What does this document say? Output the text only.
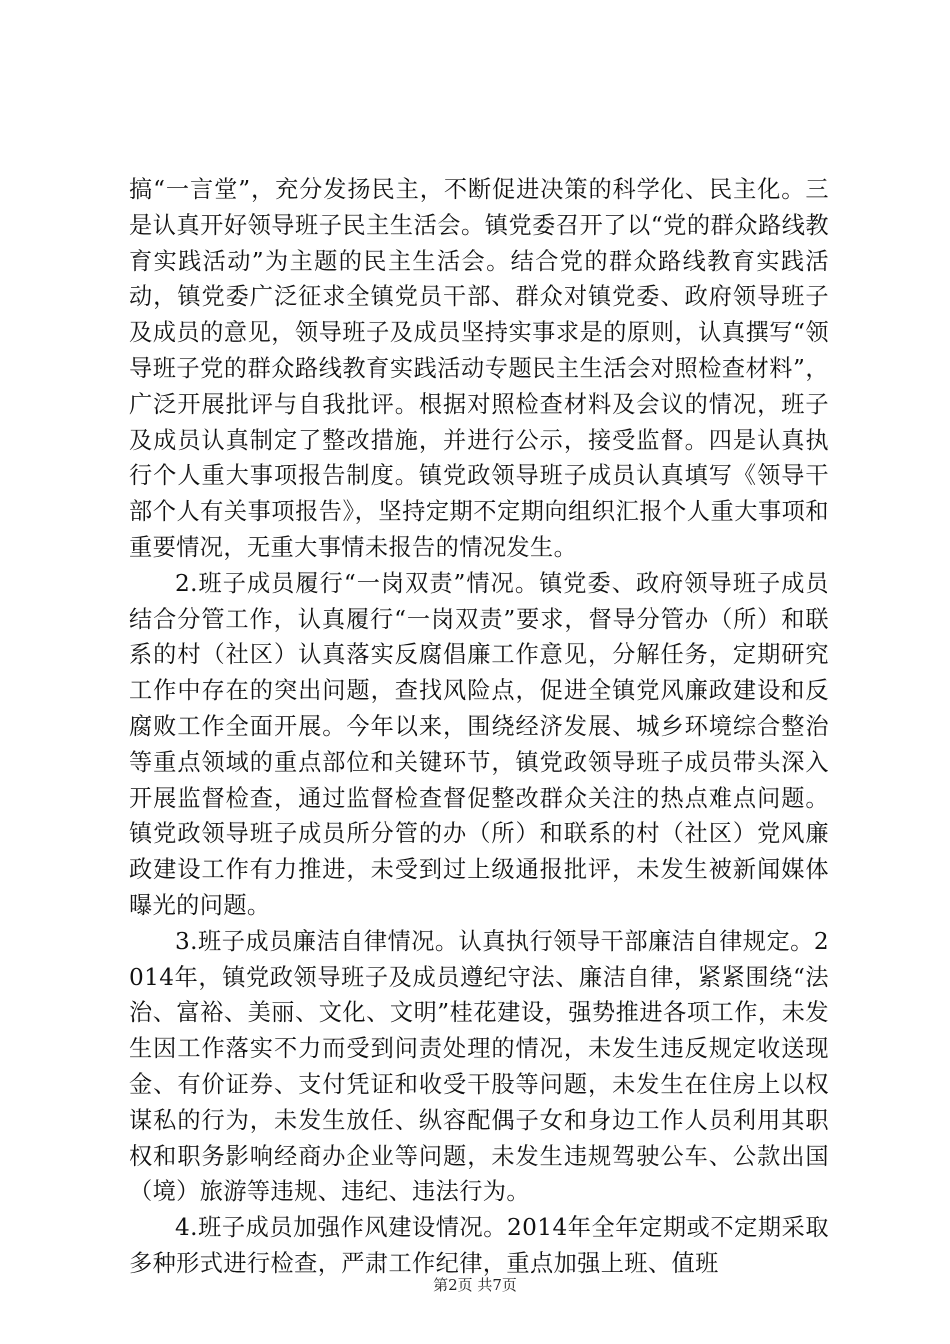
搞“一言堂”，充分发扬民主，不断促进决策的科学化、民主化。三是认真开好领导班子民主生活会。镇党委召开了以“党的群众路线教育实践活动”为主题的民主生活会。结合党的群众路线教育实践活动，镇党委广泛征求全镇党员干部、群众对镇党委、政府领导班子及成员的意见，领导班子及成员坚持实事求是的原则，认真撰写“领导班子党的群众路线教育实践活动专题民主生活会对照检查材料”，广泛开展批评与自我批评。根据对照检查材料及会议的情况，班子及成员认真制定了整改措施，并进行公示，接受监督。四是认真执行个人重大事项报告制度。镇党政领导班子成员认真填写《领导干部个人有关事项报告》，坚持定期不定期向组织汇报个人重大事项和重要情况，无重大事情未报告的情况发生。

2.班子成员履行“一岗双责”情况。镇党委、政府领导班子成员结合分管工作，认真履行“一岗双责”要求，督导分管办（所）和联系的村（社区）认真落实反腐倡廉工作意见，分解任务，定期研究工作中存在的突出问题，查找风险点，促进全镇党风廉政建设和反腐败工作全面开展。今年以来，围绕经济发展、城乡环境综合整治等重点领域的重点部位和关键环节，镇党政领导班子成员带头深入开展监督检查，通过监督检查督促整改群众关注的热点难点问题。镇党政领导班子成员所分管的办（所）和联系的村（社区）党风廉政建设工作有力推进，未受到过上级通报批评，未发生被新闻媒体曝光的问题。

3.班子成员廉洁自律情况。认真执行领导干部廉洁自律规定。2014年，镇党政领导班子及成员遵纪守法、廉洁自律，紧紧围绕“法治、富裕、美丽、文化、文明”桂花建设，强势推进各项工作，未发生因工作落实不力而受到问责处理的情况，未发生违反规定收送现金、有价证券、支付凭证和收受干股等问题，未发生在住房上以权谋私的行为，未发生放任、纵容配偶子女和身边工作人员利用其职权和职务影响经商办企业等问题，未发生违规驾驶公车、公款出国（境）旅游等违规、违纪、违法行为。

4.班子成员加强作风建设情况。2014年全年定期或不定期采取多种形式进行检查，严肃工作纪律，重点加强上班、值班

第2页 共7页
